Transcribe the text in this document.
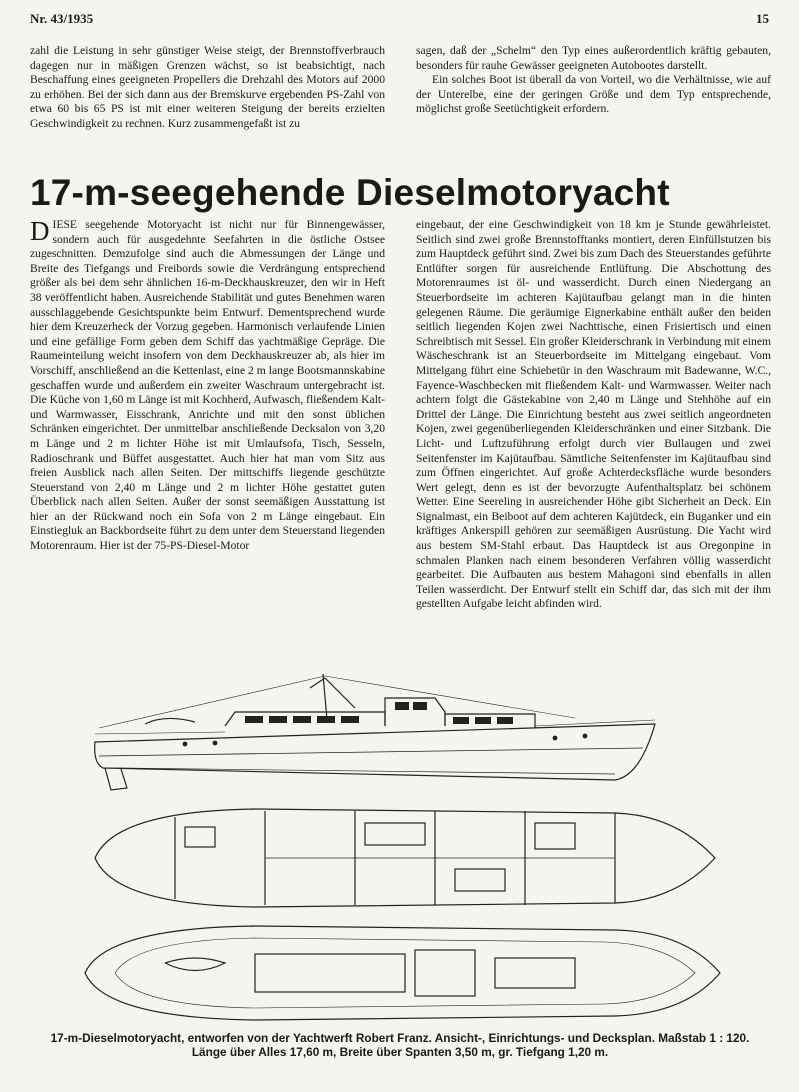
Nr. 43/1935	15

zahl die Leistung in sehr günstiger Weise steigt, der Brennstoffverbrauch dagegen nur in mäßigen Grenzen wächst, so ist beabsichtigt, nach Beschaffung eines geeigneten Propellers die Drehzahl des Motors auf 2000 zu erhöhen. Bei der sich dann aus der Bremskurve ergebenden PS-Zahl von etwa 60 bis 65 PS ist mit einer weiteren Steigung der bereits erzielten Geschwindigkeit zu rechnen. Kurz zusammengefaßt ist zu

sagen, daß der „Schelm“ den Typ eines außerordentlich kräftig gebauten, besonders für rauhe Gewässer geeigneten Autobootes darstellt.

Ein solches Boot ist überall da von Vorteil, wo die Verhältnisse, wie auf der Unterelbe, eine der geringen Größe und dem Typ entsprechende, möglichst große Seetüchtigkeit erfordern.

17-m-seegehende Dieselmotoryacht
D IESE seegehende Motoryacht ist nicht nur für Binnengewässer, sondern auch für ausgedehnte Seefahrten in die östliche Ostsee zugeschnitten. Demzufolge sind auch die Abmessungen der Länge und Breite des Tiefgangs und Freibords sowie die Verdrängung entsprechend größer als bei dem sehr ähnlichen 16-m-Deckhauskreuzer, den wir in Heft 38 veröffentlicht haben. Ausreichende Stabilität und gutes Benehmen waren ausschlaggebende Gesichtspunkte beim Entwurf. Dementsprechend wurde hier dem Kreuzerheck der Vorzug gegeben. Harmonisch verlaufende Linien und eine gefällige Form geben dem Schiff das yachtmäßige Gepräge. Die Raumeinteilung weicht insofern von dem Deckhauskreuzer ab, als hier im Vorschiff, anschließend an die Kettenlast, eine 2 m lange Bootsmannskabine geschaffen wurde und außerdem ein zweiter Waschraum untergebracht ist. Die Küche von 1,60 m Länge ist mit Kochherd, Aufwasch, fließendem Kalt- und Warmwasser, Eisschrank, Anrichte und mit den sonst üblichen Schränken eingerichtet. Der unmittelbar anschließende Decksalon von 3,20 m Länge und 2 m lichter Höhe ist mit Umlaufsofa, Tisch, Sesseln, Radioschrank und Büffet ausgestattet. Auch hier hat man vom Sitz aus freien Ausblick nach allen Seiten. Der mittschiffs liegende geschützte Steuerstand von 2,40 m Länge und 2 m lichter Höhe gestattet guten Überblick nach allen Seiten. Außer der sonst seemäßigen Ausstattung ist hier an der Rückwand noch ein Sofa von 2 m Länge eingebaut. Ein Einstiegluk an Backbordseite führt zu dem unter dem Steuerstand liegenden Motorenraum. Hier ist der 75-PS-Diesel-Motor
eingebaut, der eine Geschwindigkeit von 18 km je Stunde gewährleistet. Seitlich sind zwei große Brennstofftanks montiert, deren Einfüllstutzen bis zum Hauptdeck geführt sind. Zwei bis zum Dach des Steuerstandes geführte Entlüfter sorgen für ausreichende Entlüftung. Die Abschottung des Motorenraumes ist öl- und wasserdicht. Durch einen Niedergang an Steuerbordseite im achteren Kajütaufbau gelangt man in die hinten gelegenen Räume. Die geräumige Eignerkabine enthält außer den beiden seitlich liegenden Kojen zwei Nachttische, einen Frisiertisch und einen Schreibtisch mit Sessel. Ein großer Kleiderschrank in Verbindung mit einem Wäscheschrank ist an Steuerbordseite im Mittelgang eingebaut. Vom Mittelgang führt eine Schiebetür in den Waschraum mit Badewanne, W.C., Fayence-Waschbecken mit fließendem Kalt- und Warmwasser. Weiter nach achtern folgt die Gästekabine von 2,40 m Länge und Stehhöhe auf ein Drittel der Länge. Die Einrichtung besteht aus zwei seitlich angeordneten Kojen, zwei gegenüberliegenden Kleiderschränken und einer Sitzbank. Die Licht- und Luftzuführung erfolgt durch vier Bullaugen und zwei Seitenfenster im Kajütaufbau. Sämtliche Seitenfenster im Kajütaufbau sind zum Öffnen eingerichtet. Auf große Achterdecksfläche wurde besonders Wert gelegt, denn es ist der bevorzugte Aufenthaltsplatz bei schönem Wetter. Eine Seereling in ausreichender Höhe gibt Sicherheit an Deck. Ein Signalmast, ein Beiboot auf dem achteren Kajütdeck, ein Buganker und ein kräftiges Ankerspill gehören zur seemäßigen Ausrüstung. Die Yacht wird aus bestem SM-Stahl erbaut. Das Hauptdeck ist aus Oregonpine in schmalen Planken nach einem besonderen Verfahren völlig wasserdicht gearbeitet. Die Aufbauten aus bestem Mahagoni sind ebenfalls in allen Teilen wasserdicht. Der Entwurf stellt ein Schiff dar, das sich mit der ihm gestellten Aufgabe leicht abfinden wird.
17-m-Dieselmotoryacht, entworfen von der Yachtwerft Robert Franz. Ansicht-, Einrichtungs- und Decksplan. Maßstab 1 : 120.
Länge über Alles 17,60 m, Breite über Spanten 3,50 m, gr. Tiefgang 1,20 m.
